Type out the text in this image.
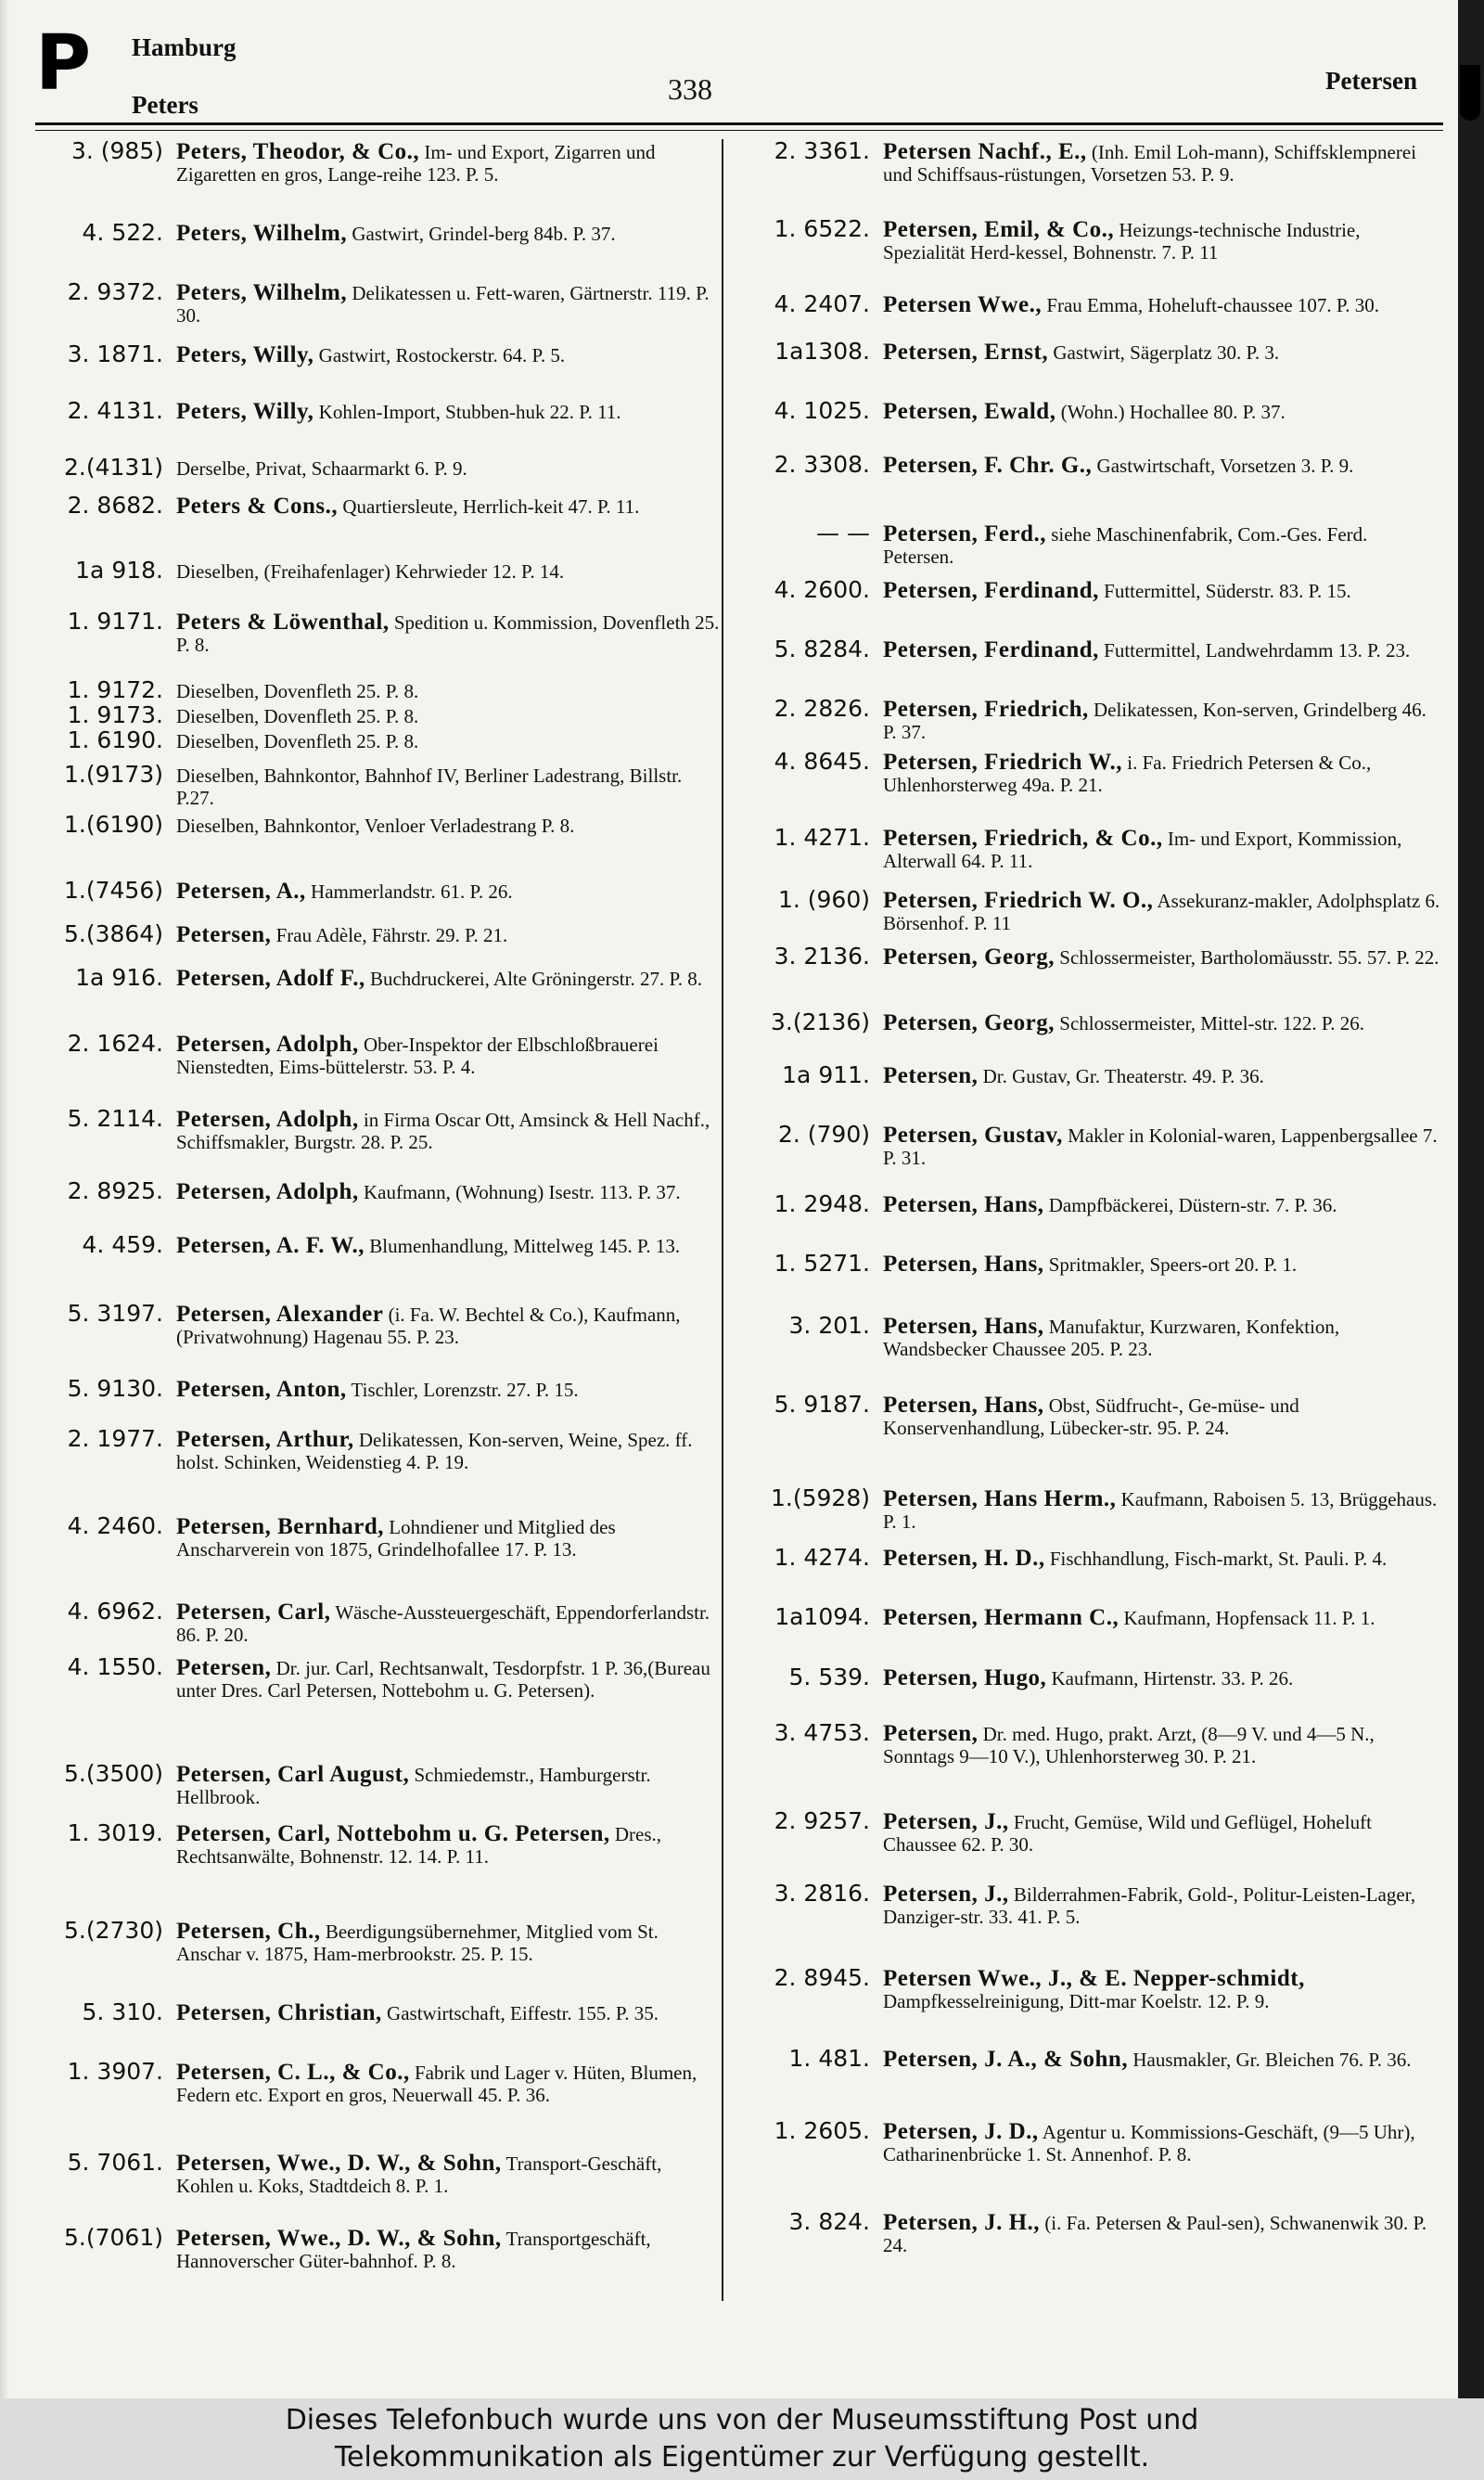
P Hamburg
Peters	338	Petersen
3. (985) Peters, Theodor, & Co., Im- und Export, Zigarren und Zigaretten en gros, Lange-reihe 123. P. 5.
4. 522. Peters, Wilhelm, Gastwirt, Grindel-berg 84b. P. 37.
2. 9372. Peters, Wilhelm, Delikatessen u. Fett-waren, Gärtnerstr. 119. P. 30.
3. 1871. Peters, Willy, Gastwirt, Rostockerstr. 64. P. 5.
2. 4131. Peters, Willy, Kohlen-Import, Stubben-huk 22. P. 11.
2.(4131) Derselbe, Privat, Schaarmarkt 6. P. 9.
2. 8682. Peters & Cons., Quartiersleute, Herrlich-keit 47. P. 11.
1a 918. Dieselben, (Freihafenlager) Kehrwieder 12. P. 14.
1. 9171. Peters & Löwenthal, Spedition u. Kommission, Dovenfleth 25. P. 8.
1. 9172. Dieselben, Dovenfleth 25. P. 8.
1. 9173. Dieselben, Dovenfleth 25. P. 8.
1. 6190. Dieselben, Dovenfleth 25. P. 8.
1.(9173) Dieselben, Bahnkontor, Bahnhof IV, Berliner Ladestrang, Billstr. P.27.
1.(6190) Dieselben, Bahnkontor, Venloer Verladestrang P. 8.
1.(7456) Petersen, A., Hammerlandstr. 61. P. 26.
5.(3864) Petersen, Frau Adèle, Fährstr. 29. P. 21.
1a 916. Petersen, Adolf F., Buchdruckerei, Alte Gröningerstr. 27. P. 8.
2. 1624. Petersen, Adolph, Ober-Inspektor der Elbschloßbrauerei Nienstedten, Eims-büttelerstr. 53. P. 4.
5. 2114. Petersen, Adolph, in Firma Oscar Ott, Amsinck & Hell Nachf., Schiffsmakler, Burgstr. 28. P. 25.
2. 8925. Petersen, Adolph, Kaufmann, (Wohnung) Isestr. 113. P. 37.
4. 459. Petersen, A. F. W., Blumenhandlung, Mittelweg 145. P. 13.
5. 3197. Petersen, Alexander (i. Fa. W. Bechtel & Co.), Kaufmann, (Privatwohnung) Hagenau 55. P. 23.
5. 9130. Petersen, Anton, Tischler, Lorenzstr. 27. P. 15.
2. 1977. Petersen, Arthur, Delikatessen, Kon-serven, Weine, Spez. ff. holst. Schinken, Weidenstieg 4. P. 19.
4. 2460. Petersen, Bernhard, Lohndiener und Mitglied des Anscharverein von 1875, Grindelhofallee 17. P. 13.
4. 6962. Petersen, Carl, Wäsche-Aussteuergeschäft, Eppendorferlandstr. 86. P. 20.
4. 1550. Petersen, Dr. jur. Carl, Rechtsanwalt, Tesdorpfstr. 1 P. 36,(Bureau unter Dres. Carl Petersen, Nottebohm u. G. Petersen).
5.(3500) Petersen, Carl August, Schmiedemstr., Hamburgerstr. Hellbrook.
1. 3019. Petersen, Carl, Nottebohm u. G. Petersen, Dres., Rechtsanwälte, Bohnenstr. 12. 14. P. 11.
5.(2730) Petersen, Ch., Beerdigungsübernehmer, Mitglied vom St. Anschar v. 1875, Ham-merbrookstr. 25. P. 15.
5. 310. Petersen, Christian, Gastwirtschaft, Eiffestr. 155. P. 35.
1. 3907. Petersen, C. L., & Co., Fabrik und Lager v. Hüten, Blumen, Federn etc. Export en gros, Neuerwall 45. P. 36.
5. 7061. Petersen, Wwe., D. W., & Sohn, Transport-Geschäft, Kohlen u. Koks, Stadtdeich 8. P. 1.
5.(7061) Petersen, Wwe., D. W., & Sohn, Transportgeschäft, Hannoverscher Güter-bahnhof. P. 8.
2. 3361. Petersen Nachf., E., (Inh. Emil Loh-mann), Schiffsklempnerei und Schiffsaus-rüstungen, Vorsetzen 53. P. 9.
1. 6522. Petersen, Emil, & Co., Heizungs-technische Industrie, Spezialität Herd-kessel, Bohnenstr. 7. P. 11
4. 2407. Petersen Wwe., Frau Emma, Hoheluft-chaussee 107. P. 30.
1a1308. Petersen, Ernst, Gastwirt, Sägerplatz 30. P. 3.
4. 1025. Petersen, Ewald, (Wohn.) Hochallee 80. P. 37.
2. 3308. Petersen, F. Chr. G., Gastwirtschaft, Vorsetzen 3. P. 9.
— — Petersen, Ferd., siehe Maschinenfabrik, Com.-Ges. Ferd. Petersen.
4. 2600. Petersen, Ferdinand, Futtermittel, Süderstr. 83. P. 15.
5. 8284. Petersen, Ferdinand, Futtermittel, Landwehrdamm 13. P. 23.
2. 2826. Petersen, Friedrich, Delikatessen, Kon-serven, Grindelberg 46. P. 37.
4. 8645. Petersen, Friedrich W., i. Fa. Friedrich Petersen & Co., Uhlenhorsterweg 49a. P. 21.
1. 4271. Petersen, Friedrich, & Co., Im- und Export, Kommission, Alterwall 64. P. 11.
1. (960) Petersen, Friedrich W. O., Assekuranz-makler, Adolphsplatz 6. Börsenhof. P. 11
3. 2136. Petersen, Georg, Schlossermeister, Bartholomäusstr. 55. 57. P. 22.
3.(2136) Petersen, Georg, Schlossermeister, Mittel-str. 122. P. 26.
1a 911. Petersen, Dr. Gustav, Gr. Theaterstr. 49. P. 36.
2. (790) Petersen, Gustav, Makler in Kolonial-waren, Lappenbergsallee 7. P. 31.
1. 2948. Petersen, Hans, Dampfbäckerei, Düstern-str. 7. P. 36.
1. 5271. Petersen, Hans, Spritmakler, Speers-ort 20. P. 1.
3. 201. Petersen, Hans, Manufaktur, Kurzwaren, Konfektion, Wandsbecker Chaussee 205. P. 23.
5. 9187. Petersen, Hans, Obst, Südfrucht-, Ge-müse- und Konservenhandlung, Lübecker-str. 95. P. 24.
1.(5928) Petersen, Hans Herm., Kaufmann, Raboisen 5. 13, Brüggehaus. P. 1.
1. 4274. Petersen, H. D., Fischhandlung, Fisch-markt, St. Pauli. P. 4.
1a1094. Petersen, Hermann C., Kaufmann, Hopfensack 11. P. 1.
5. 539. Petersen, Hugo, Kaufmann, Hirtenstr. 33. P. 26.
3. 4753. Petersen, Dr. med. Hugo, prakt. Arzt, (8—9 V. und 4—5 N., Sonntags 9—10 V.), Uhlenhorsterweg 30. P. 21.
2. 9257. Petersen, J., Frucht, Gemüse, Wild und Geflügel, Hoheluft Chaussee 62. P. 30.
3. 2816. Petersen, J., Bilderrahmen-Fabrik, Gold-, Politur-Leisten-Lager, Danziger-str. 33. 41. P. 5.
2. 8945. Petersen Wwe., J., & E. Nepper-schmidt, Dampfkesselreinigung, Ditt-mar Koelstr. 12. P. 9.
1. 481. Petersen, J. A., & Sohn, Hausmakler, Gr. Bleichen 76. P. 36.
1. 2605. Petersen, J. D., Agentur u. Kommissions-Geschäft, (9—5 Uhr), Catharinenbrücke 1. St. Annenhof. P. 8.
3. 824. Petersen, J. H., (i. Fa. Petersen & Paul-sen), Schwanenwik 30. P. 24.
Dieses Telefonbuch wurde uns von der Museumsstiftung Post und
Telekommunikation als Eigentümer zur Verfügung gestellt.
